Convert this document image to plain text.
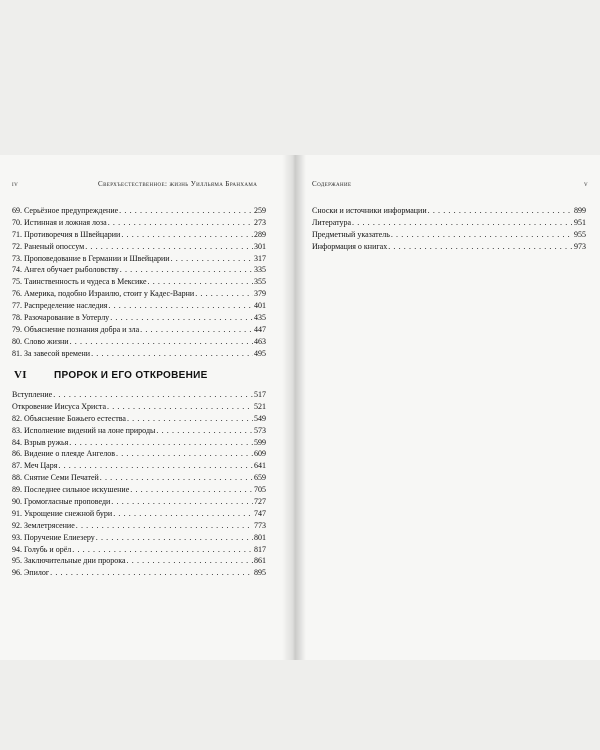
iv	Сверхъестественное: жизнь Уилльяма Бранхама	Содержание	v
69. Серьёзное предупреждение . . .	259
70. Истинная и ложная лоза . . .	273
71. Противоречия в Швейцарии . . .	289
72. Раненый опоссум . . .	301
73. Проповедование в Германии и Швейцарии . . .	317
74. Ангел обучает рыболовству . . .	335
75. Таинственность и чудеса в Мексике . . .	355
76. Америка, подобно Израилю, стоит у Кадес-Варни . . .	379
77. Распределение наследия . . .	401
78. Разочарование в Уотерлу . . .	435
79. Объяснение познания добра и зла . . .	447
80. Слово жизни . . .	463
81. За завесой времени . . .	495
VI	ПРОРОК И ЕГО ОТКРОВЕНИЕ
Вступление . . .	517
Откровение Иисуса Христа . . .	521
82. Объяснение Божьего естества . . .	549
83. Исполнение видений на лоне природы . . .	573
84. Взрыв ружья . . .	599
86. Видение о плеяде Ангелов . . .	609
87. Меч Царя . . .	641
88. Снятие Семи Печатей . . .	659
89. Последнее сильное искушение . . .	705
90. Громогласные проповеди . . .	727
91. Укрощение снежной бури . . .	747
92. Землетрясение . . .	773
93. Поручение Елиезеру . . .	801
94. Голубь и орёл . . .	817
95. Заключительные дни пророка . . .	861
96. Эпилог . . .	895
Сноски и источники информации . . .	899
Литература . . .	951
Предметный указатель . . .	955
Информация о книгах . . .	973
